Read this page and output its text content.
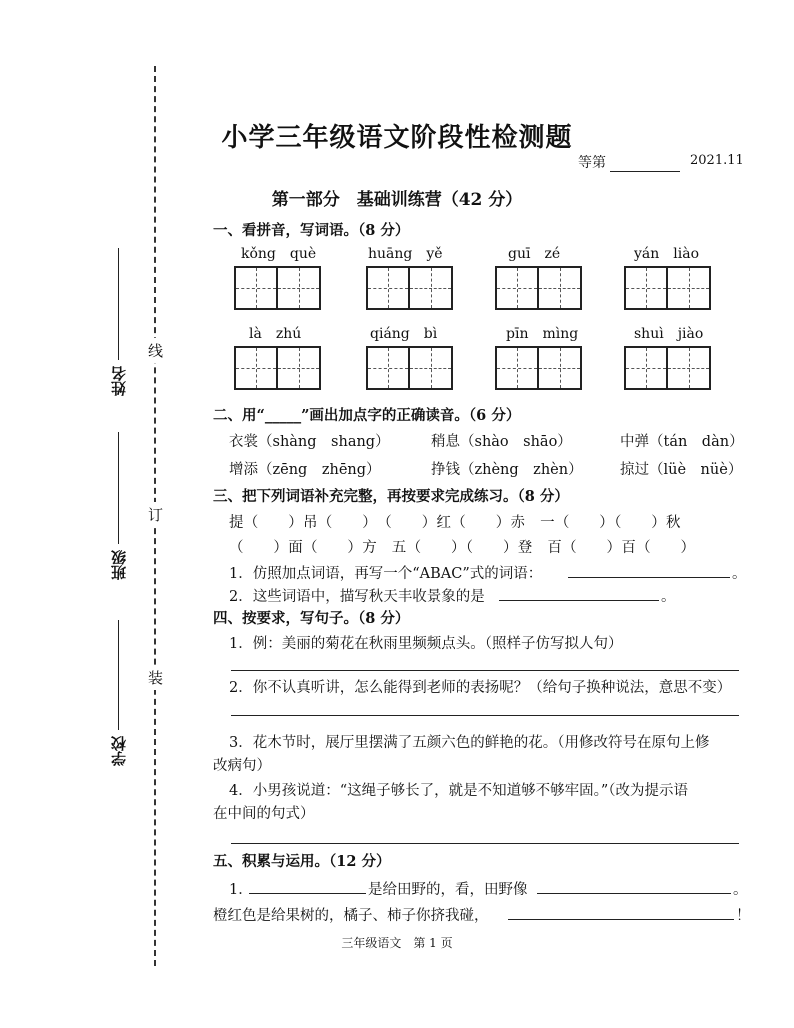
线
订
装
姓名
班级
学校
小学三年级语文阶段性检测题
等第	2021.11
第一部分　基础训练营（42 分）
一、看拼音，写词语。（8 分）
kǒng　què	huāng　yě	guī　zé	yán　liào
là　zhú	qiáng　bì	pīn　mìng	shuì　jiào
二、用“_____”画出加点字的正确读音。（6 分）
衣裳（shàng　shang）	稍息（shào　shāo）	中弹（tán　dàn）
增添（zēng　zhēng）	挣钱（zhèng　zhèn）	掠过（lüè　nüè）
三、把下列词语补充完整，再按要求完成练习。（8 分）
提（　　）吊（　　）　（　　）红（　　）赤　一（　　）（　　）秋
（　　）面（　　）方　五（　　）（　　）登　百（　　）百（　　）
1．仿照加点词语，再写一个“ABAC”式的词语：	。
2．这些词语中，描写秋天丰收景象的是	。
四、按要求，写句子。（8 分）
1．例：美丽的菊花在秋雨里频频点头。（照样子仿写拟人句）
2．你不认真听讲，怎么能得到老师的表扬呢？（给句子换种说法，意思不变）
3．花木节时，展厅里摆满了五颜六色的鲜艳的花。（用修改符号在原句上修
改病句）
4．小男孩说道：“这绳子够长了，就是不知道够不够牢固。”（改为提示语
在中间的句式）
五、积累与运用。（12 分）
1．	是给田野的，看，田野像	。
橙红色是给果树的，橘子、柿子你挤我碰，	！
三年级语文　第 1 页
